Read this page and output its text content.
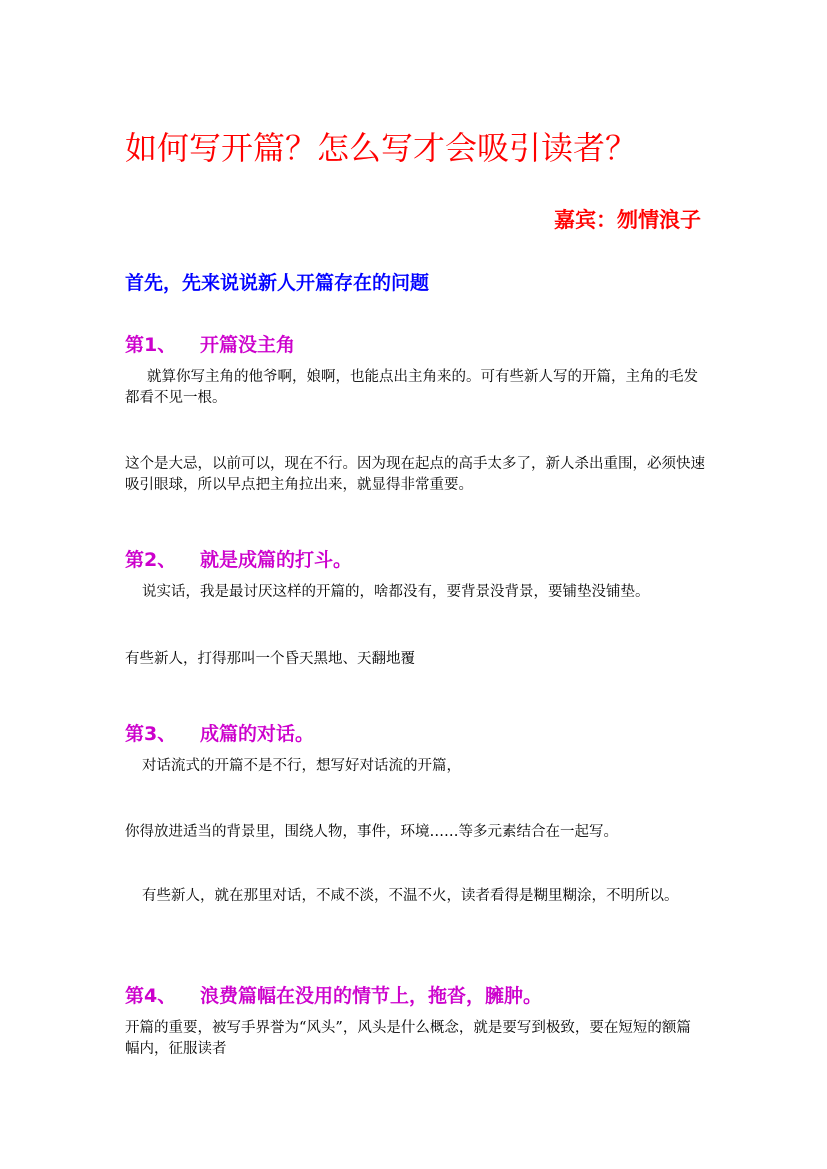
如何写开篇？怎么写才会吸引读者？
嘉宾：刎情浪子
首先，先来说说新人开篇存在的问题
第1、 开篇没主角
就算你写主角的他爷啊，娘啊，也能点出主角来的。可有些新人写的开篇，主角的毛发都看不见一根。
这个是大忌，以前可以，现在不行。因为现在起点的高手太多了，新人杀出重围，必须快速吸引眼球，所以早点把主角拉出来，就显得非常重要。
第2、 就是成篇的打斗。
说实话，我是最讨厌这样的开篇的，啥都没有，要背景没背景，要铺垫没铺垫。
有些新人，打得那叫一个昏天黑地、天翻地覆
第3、 成篇的对话。
对话流式的开篇不是不行，想写好对话流的开篇，
你得放进适当的背景里，围绕人物，事件，环境……等多元素结合在一起写。
有些新人，就在那里对话，不咸不淡，不温不火，读者看得是糊里糊涂，不明所以。
第4、 浪费篇幅在没用的情节上，拖沓，臃肿。
开篇的重要，被写手界誉为“风头”，风头是什么概念，就是要写到极致，要在短短的额篇幅内，征服读者
